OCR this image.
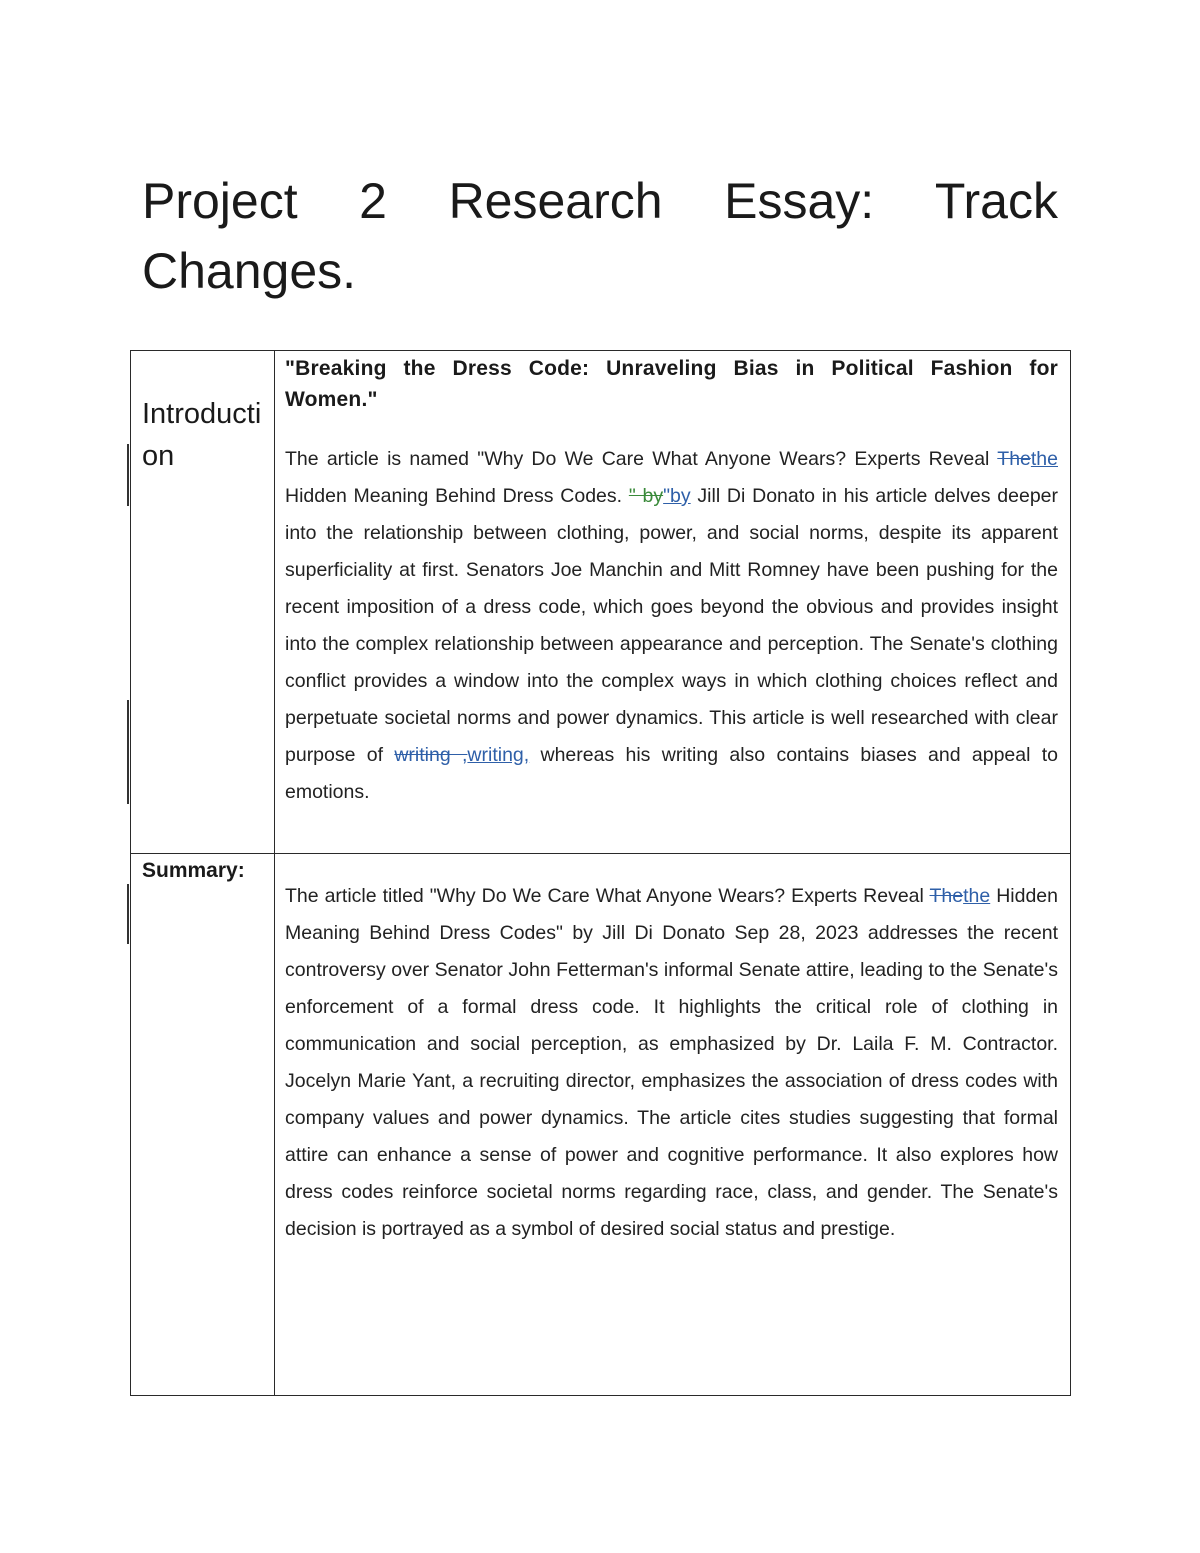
Project 2 Research Essay: Track Changes.
Introduction	"Breaking the Dress Code: Unraveling Bias in Political Fashion for Women."

The article is named "Why Do We Care What Anyone Wears? Experts Reveal Thethe Hidden Meaning Behind Dress Codes. " by"by Jill Di Donato in his article delves deeper into the relationship between clothing, power, and social norms, despite its apparent superficiality at first. Senators Joe Manchin and Mitt Romney have been pushing for the recent imposition of a dress code, which goes beyond the obvious and provides insight into the complex relationship between appearance and perception. The Senate's clothing conflict provides a window into the complex ways in which clothing choices reflect and perpetuate societal norms and power dynamics. This article is well researched with clear purpose of writing ,writing, whereas his writing also contains biases and appeal to emotions.

Summary:	The article titled "Why Do We Care What Anyone Wears? Experts Reveal Thethe Hidden Meaning Behind Dress Codes" by Jill Di Donato Sep 28, 2023 addresses the recent controversy over Senator John Fetterman's informal Senate attire, leading to the Senate's enforcement of a formal dress code. It highlights the critical role of clothing in communication and social perception, as emphasized by Dr. Laila F. M. Contractor. Jocelyn Marie Yant, a recruiting director, emphasizes the association of dress codes with company values and power dynamics. The article cites studies suggesting that formal attire can enhance a sense of power and cognitive performance. It also explores how dress codes reinforce societal norms regarding race, class, and gender. The Senate's decision is portrayed as a symbol of desired social status and prestige.
